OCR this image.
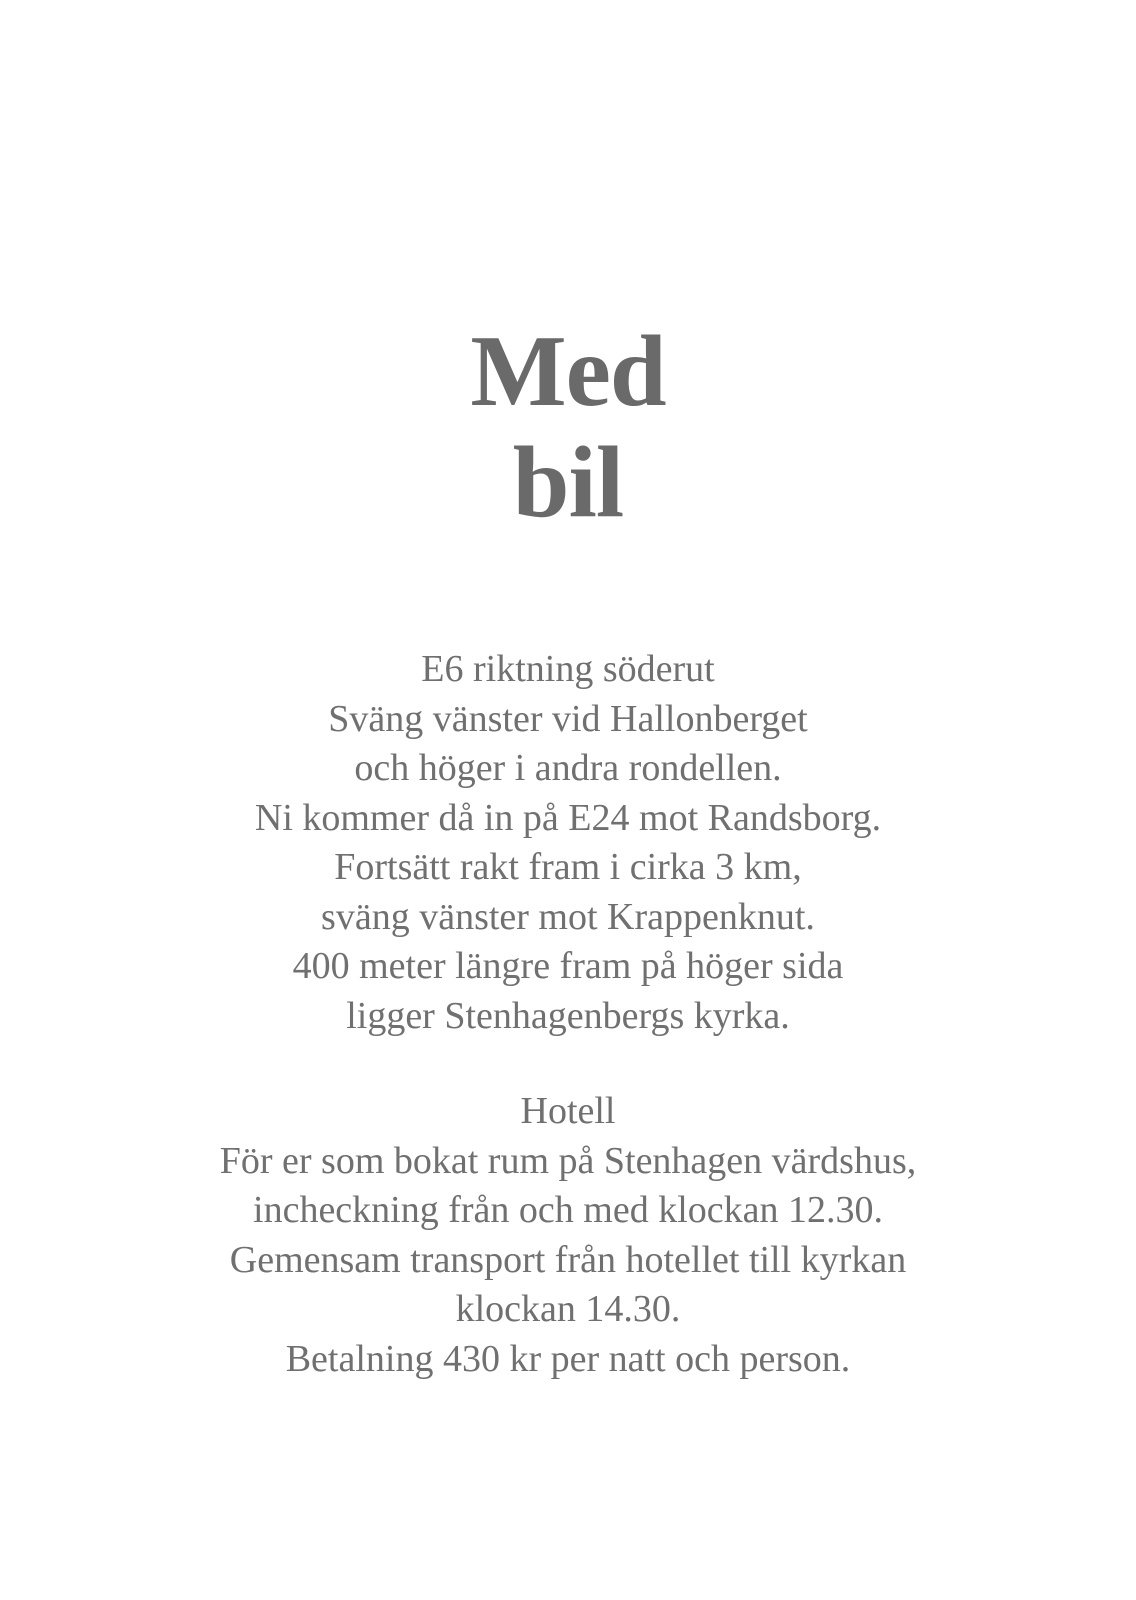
Med
bil
E6 riktning söderut
Sväng vänster vid Hallonberget
och höger i andra rondellen.
Ni kommer då in på E24 mot Randsborg.
Fortsätt rakt fram i cirka 3 km,
sväng vänster mot Krappenknut.
400 meter längre fram på höger sida
ligger Stenhagenbergs kyrka.
Hotell
För er som bokat rum på Stenhagen värdshus,
incheckning från och med klockan 12.30.
Gemensam transport från hotellet till kyrkan
klockan 14.30.
Betalning 430 kr per natt och person.
